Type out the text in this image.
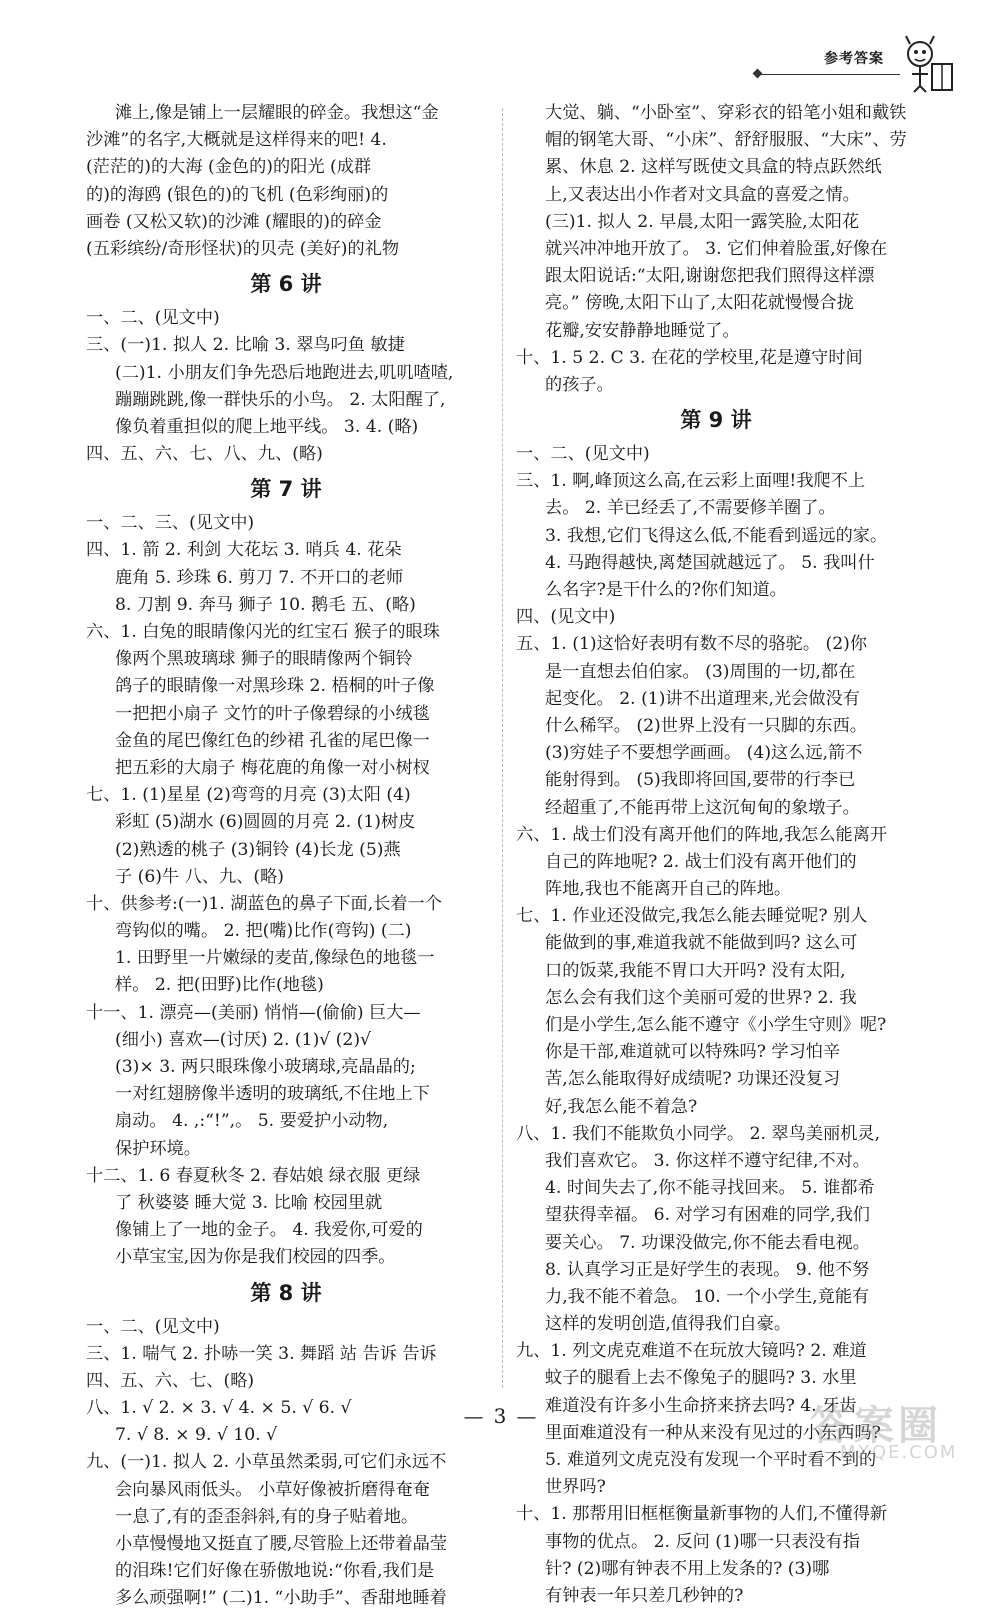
参考答案
滩上,像是铺上一层耀眼的碎金。我想这“金
沙滩”的名字,大概就是这样得来的吧! 4.
(茫茫的)的大海 (金色的)的阳光 (成群
的)的海鸥 (银色的)的飞机 (色彩绚丽)的
画卷 (又松又软)的沙滩 (耀眼的)的碎金
(五彩缤纷/奇形怪状)的贝壳 (美好)的礼物
第 6 讲
一、二、(见文中)
三、(一)1. 拟人 2. 比喻 3. 翠鸟叼鱼 敏捷
(二)1. 小朋友们争先恐后地跑进去,叽叽喳喳,
蹦蹦跳跳,像一群快乐的小鸟。 2. 太阳醒了,
像负着重担似的爬上地平线。 3. 4. (略)
四、五、六、七、八、九、(略)
第 7 讲
一、二、三、(见文中)
四、1. 箭 2. 利剑 大花坛 3. 哨兵 4. 花朵
鹿角 5. 珍珠 6. 剪刀 7. 不开口的老师
8. 刀割 9. 奔马 狮子 10. 鹅毛 五、(略)
六、1. 白兔的眼睛像闪光的红宝石 猴子的眼珠
像两个黑玻璃球 狮子的眼睛像两个铜铃
鸽子的眼睛像一对黑珍珠 2. 梧桐的叶子像
一把把小扇子 文竹的叶子像碧绿的小绒毯
金鱼的尾巴像红色的纱裙 孔雀的尾巴像一
把五彩的大扇子 梅花鹿的角像一对小树杈
七、1. (1)星星 (2)弯弯的月亮 (3)太阳 (4)
彩虹 (5)湖水 (6)圆圆的月亮 2. (1)树皮
(2)熟透的桃子 (3)铜铃 (4)长龙 (5)燕
子 (6)牛 八、九、(略)
十、供参考:(一)1. 湖蓝色的鼻子下面,长着一个
弯钩似的嘴。 2. 把(嘴)比作(弯钩) (二)
1. 田野里一片嫩绿的麦苗,像绿色的地毯一
样。 2. 把(田野)比作(地毯)
十一、1. 漂亮—(美丽) 悄悄—(偷偷) 巨大—
(细小) 喜欢—(讨厌) 2. (1)√ (2)√
(3)× 3. 两只眼珠像小玻璃球,亮晶晶的;
一对红翅膀像半透明的玻璃纸,不住地上下
扇动。 4. ,:“!”,。 5. 要爱护小动物,
保护环境。
十二、1. 6 春夏秋冬 2. 春姑娘 绿衣服 更绿
了 秋婆婆 睡大觉 3. 比喻 校园里就
像铺上了一地的金子。 4. 我爱你,可爱的
小草宝宝,因为你是我们校园的四季。
第 8 讲
一、二、(见文中)
三、1. 喘气 2. 扑哧一笑 3. 舞蹈 站 告诉 告诉
四、五、六、七、(略)
八、1. √ 2. × 3. √ 4. × 5. √ 6. √
7. √ 8. × 9. √ 10. √
九、(一)1. 拟人 2. 小草虽然柔弱,可它们永远不
会向暴风雨低头。 小草好像被折磨得奄奄
一息了,有的歪歪斜斜,有的身子贴着地。
小草慢慢地又挺直了腰,尽管脸上还带着晶莹
的泪珠!它们好像在骄傲地说:“你看,我们是
多么顽强啊!” (二)1. “小助手”、香甜地睡着
大觉、躺、“小卧室”、穿彩衣的铅笔小姐和戴铁
帽的钢笔大哥、“小床”、舒舒服服、“大床”、劳
累、休息 2. 这样写既使文具盒的特点跃然纸
上,又表达出小作者对文具盒的喜爱之情。
(三)1. 拟人 2. 早晨,太阳一露笑脸,太阳花
就兴冲冲地开放了。 3. 它们伸着脸蛋,好像在
跟太阳说话:“太阳,谢谢您把我们照得这样漂
亮。” 傍晚,太阳下山了,太阳花就慢慢合拢
花瓣,安安静静地睡觉了。
十、1. 5 2. C 3. 在花的学校里,花是遵守时间
的孩子。
第 9 讲
一、二、(见文中)
三、1. 啊,峰顶这么高,在云彩上面哩!我爬不上
去。 2. 羊已经丢了,不需要修羊圈了。
3. 我想,它们飞得这么低,不能看到遥远的家。
4. 马跑得越快,离楚国就越远了。 5. 我叫什
么名字?是干什么的?你们知道。
四、(见文中)
五、1. (1)这恰好表明有数不尽的骆驼。 (2)你
是一直想去伯伯家。 (3)周围的一切,都在
起变化。 2. (1)讲不出道理来,光会做没有
什么稀罕。 (2)世界上没有一只脚的东西。
(3)穷娃子不要想学画画。 (4)这么远,箭不
能射得到。 (5)我即将回国,要带的行李已
经超重了,不能再带上这沉甸甸的象墩子。
六、1. 战士们没有离开他们的阵地,我怎么能离开
自己的阵地呢? 2. 战士们没有离开他们的
阵地,我也不能离开自己的阵地。
七、1. 作业还没做完,我怎么能去睡觉呢? 别人
能做到的事,难道我就不能做到吗? 这么可
口的饭菜,我能不胃口大开吗? 没有太阳,
怎么会有我们这个美丽可爱的世界? 2. 我
们是小学生,怎么能不遵守《小学生守则》呢?
你是干部,难道就可以特殊吗? 学习怕辛
苦,怎么能取得好成绩呢? 功课还没复习
好,我怎么能不着急?
八、1. 我们不能欺负小同学。 2. 翠鸟美丽机灵,
我们喜欢它。 3. 你这样不遵守纪律,不对。
4. 时间失去了,你不能寻找回来。 5. 谁都希
望获得幸福。 6. 对学习有困难的同学,我们
要关心。 7. 功课没做完,你不能去看电视。
8. 认真学习正是好学生的表现。 9. 他不努
力,我不能不着急。 10. 一个小学生,竟能有
这样的发明创造,值得我们自豪。
九、1. 列文虎克难道不在玩放大镜吗? 2. 难道
蚊子的腿看上去不像兔子的腿吗? 3. 水里
难道没有许多小生命挤来挤去吗? 4. 牙齿
里面难道没有一种从来没有见过的小东西吗?
5. 难道列文虎克没有发现一个平时看不到的
世界吗?
十、1. 那帮用旧框框衡量新事物的人们,不懂得新
事物的优点。 2. 反问 (1)哪一只表没有指
针? (2)哪有钟表不用上发条的? (3)哪
有钟表一年只差几秒钟的?
— 3 —	答案圈
MXQE.COM
